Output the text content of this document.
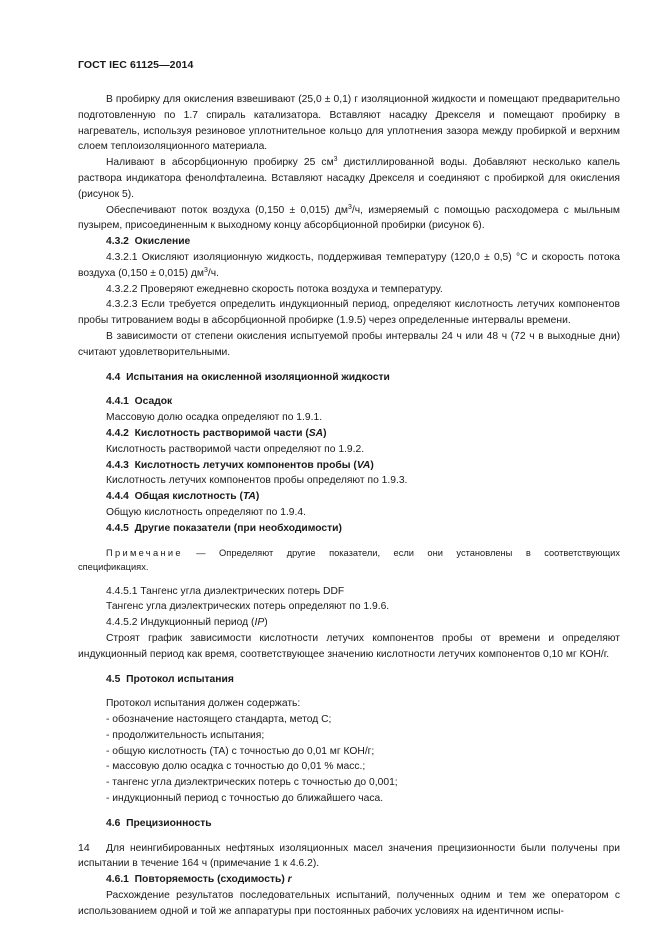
ГОСТ IEC 61125—2014

В пробирку для окисления взвешивают (25,0 ± 0,1) г изоляционной жидкости и помещают предварительно подготовленную по 1.7 спираль катализатора. Вставляют насадку Дрекселя и помещают пробирку в нагреватель, используя резиновое уплотнительное кольцо для уплотнения зазора между пробиркой и верхним слоем теплоизоляционного материала.

Наливают в абсорбционную пробирку 25 $см^3$ дистиллированной воды. Добавляют несколько капель раствора индикатора фенолфталеина. Вставляют насадку Дрекселя и соединяют с пробиркой для окисления (рисунок 5).

Обеспечивают поток воздуха (0,150 ± 0,015) $дм^3/ч$, измеряемый с помощью расходомера с мыльным пузырем, присоединенным к выходному концу абсорбционной пробирки (рисунок 6).

4.3.2 Окисление

4.3.2.1 Окисляют изоляционную жидкость, поддерживая температуру (120,0 ± 0,5) °С и скорость потока воздуха (0,150 ± 0,015) $дм^3/ч$.

4.3.2.2 Проверяют ежедневно скорость потока воздуха и температуру.

4.3.2.3 Если требуется определить индукционный период, определяют кислотность летучих компонентов пробы титрованием воды в абсорбционной пробирке (1.9.5) через определенные интервалы времени.

В зависимости от степени окисления испытуемой пробы интервалы 24 ч или 48 ч (72 ч в выходные дни) считают удовлетворительными.

4.4 Испытания на окисленной изоляционной жидкости

4.4.1 Осадок

Массовую долю осадка определяют по 1.9.1.

4.4.2 Кислотность растворимой части (SA)

Кислотность растворимой части определяют по 1.9.2.

4.4.3 Кислотность летучих компонентов пробы (VA)

Кислотность летучих компонентов пробы определяют по 1.9.3.

4.4.4 Общая кислотность (TA)

Общую кислотность определяют по 1.9.4.

4.4.5 Другие показатели (при необходимости)

Примечание — Определяют другие показатели, если они установлены в соответствующих спецификациях.

4.4.5.1 Тангенс угла диэлектрических потерь DDF

Тангенс угла диэлектрических потерь определяют по 1.9.6.

4.4.5.2 Индукционный период (IP)

Строят график зависимости кислотности летучих компонентов пробы от времени и определяют индукционный период как время, соответствующее значению кислотности летучих компонентов 0,10 мг КОН/г.

4.5 Протокол испытания

Протокол испытания должен содержать:

- обозначение настоящего стандарта, метод С;
- продолжительность испытания;
- общую кислотность (TA) с точностью до 0,01 мг КОН/г;
- массовую долю осадка с точностью до 0,01 % масс.;
- тангенс угла диэлектрических потерь с точностью до 0,001;
- индукционный период с точностью до ближайшего часа.

4.6 Прецизионность

Для неингибированных нефтяных изоляционных масел значения прецизионности были получены при испытании в течение 164 ч (примечание 1 к 4.6.2).

4.6.1 Повторяемость (сходимость) r

Расхождение результатов последовательных испытаний, полученных одним и тем же оператором с использованием одной и той же аппаратуры при постоянных рабочих условиях на идентичном испы-

14
